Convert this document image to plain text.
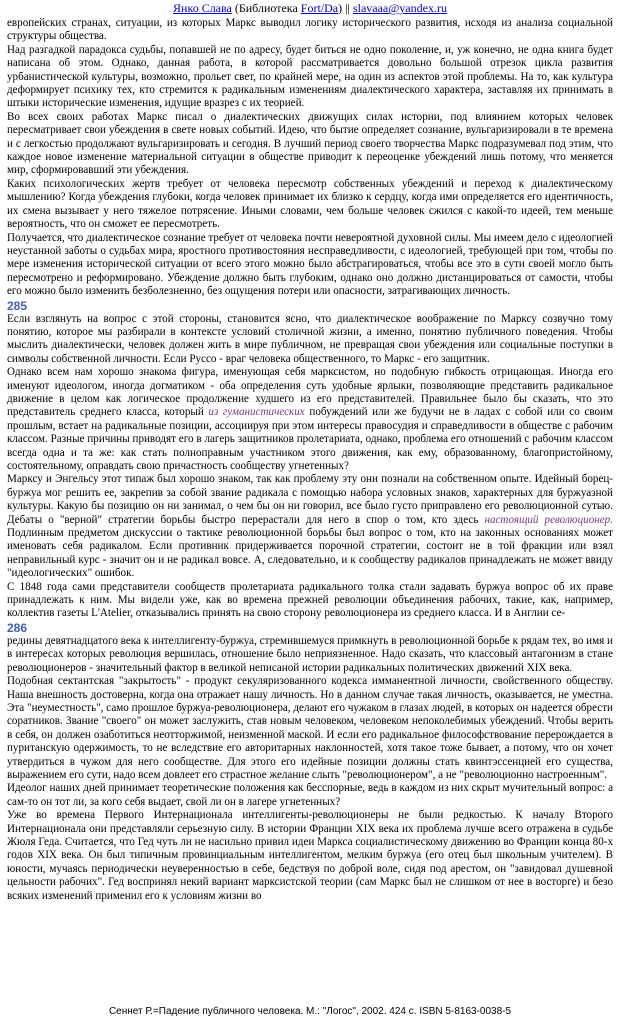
Янко Слава (Библиотека Fort/Da) || slavaaa@yandex.ru

европейских странах, ситуации, из которых Маркс выводил логику исторического развития, исходя из анализа социальной структуры общества.

Над разгадкой парадокса судьбы, попавшей не по адресу, будет биться не одно поколение, и, уж конечно, не одна книга будет написана об этом. Однако, данная работа, в которой рассматривается довольно большой отрезок цикла развития урбанистической культуры, возможно, прольет свет, по крайней мере, на один из аспектов этой проблемы. На то, как культура деформирует психику тех, кто стремится к радикальным изменениям диалектического характера, заставляя их принимать в штыки исторические изменения, идущие вразрез с их теорией.

Во всех своих работах Маркс писал о диалектических движущих силах истории, под влиянием которых человек пересматривает свои убеждения в свете новых событий. Идею, что бытие определяет сознание, вульгаризировали в те времена и с легкостью продолжают вульгаризировать и сегодня. В лучший период своего творчества Маркс подразумевал под этим, что каждое новое изменение материальной ситуации в обществе приводит к переоценке убеждений лишь потому, что меняется мир, сформировавший эти убеждения.

Каких психологических жертв требует от человека пересмотр собственных убеждений и переход к диалектическому мышлению? Когда убеждения глубоки, когда человек принимает их близко к сердцу, когда ими определяется его идентичность, их смена вызывает у него тяжелое потрясение. Иными словами, чем больше человек сжился с какой-то идеей, тем меньше вероятность, что он сможет ее пересмотреть.

Получается, что диалектическое сознание требует от человека почти невероятной духовной силы. Мы имеем дело с идеологией неустанной заботы о судьбах мира, яростного противостояния несправедливости, с идеологией, требующей при том, чтобы по мере изменения исторической ситуации от всего этого можно было абстрагироваться, чтобы все это в сути своей могло быть пересмотрено и реформировано. Убеждение должно быть глубоким, однако оно должно дистанцироваться от самости, чтобы его можно было изменить безболезненно, без ощущения потери или опасности, затрагивающих личность.

285

Если взглянуть на вопрос с этой стороны, становится ясно, что диалектическое воображение по Марксу созвучно тому понятию, которое мы разбирали в контексте условий столичной жизни, а именно, понятию публичного поведения. Чтобы мыслить диалектически, человек должен жить в мире публичном, не превращая свои убеждения или социальные поступки в символы собственной личности. Если Руссо - враг человека общественного, то Маркс - его защитник.

Однако всем нам хорошо знакома фигура, именующая себя марксистом, но подобную гибкость отрицающая. Иногда его именуют идеологом, иногда догматиком - оба определения суть удобные ярлыки, позволяющие представить радикальное движение в целом как логическое продолжение худшего из его представителей. Правильнее было бы сказать, что это представитель среднего класса, который из гуманистических побуждений или же будучи не в ладах с собой или со своим прошлым, встает на радикальные позиции, ассоциируя при этом интересы правосудия и справедливости в обществе с рабочим классом. Разные причины приводят его в лагерь защитников пролетариата, однако, проблема его отношений с рабочим классом всегда одна и та же: как стать полноправным участником этого движения, как ему, образованному, благопристойному, состоятельному, оправдать свою причастность сообществу угнетенных?

Марксу и Энгельсу этот типаж был хорошо знаком, так как проблему эту они познали на собственном опыте. Идейный борец-буржуа мог решить ее, закрепив за собой звание радикала с помощью набора условных знаков, характерных для буржуазной культуры. Какую бы позицию он ни занимал, о чем бы он ни говорил, все было густо приправлено его революционной сутью. Дебаты о "верной" стратегии борьбы быстро перерастали для него в спор о том, кто здесь настоящий революционер. Подлинным предметом дискуссии о тактике революционной борьбы был вопрос о том, кто на законных основаниях может именовать себя радикалом. Если противник придерживается порочной стратегии, состоит не в той фракции или взял неправильный курс - значит он и не радикал вовсе. А, следовательно, и к сообществу радикалов принадлежать не может ввиду "идеологических" ошибок.

С 1848 года сами представители сообществ пролетариата радикального толка стали задавать буржуа вопрос об их праве принадлежать к ним. Мы видели уже, как во времена прежней революции объединения рабочих, такие, как, например, коллектив газеты L'Atelier, отказывались принять на свою сторону революционера из среднего класса. И в Англии се-

286

редины девятнадцатого века к интеллигенту-буржуа, стремившемуся примкнуть в революционной борьбе к рядам тех, во имя и в интересах которых революция вершилась, отношение было неприязненное. Надо сказать, что классовый антагонизм в стане революционеров - значительный фактор в великой неписаной истории радикальных политических движений XIX века.

Подобная сектантская "закрытость" - продукт секуляризованного кодекса имманентной личности, свойственного обществу. Наша внешность достоверна, когда она отражает нашу личность. Но в данном случае такая личность, оказывается, не уместна. Эта "неуместность", само прошлое буржуа-революционера, делают его чужаком в глазах людей, в которых он надеется обрести соратников. Звание "своего" он может заслужить, став новым человеком, человеком непоколебимых убеждений. Чтобы верить в себя, он должен озаботиться неотторжимой, неизменной маской. И если его радикальное философствование перерождается в пуританскую одержимость, то не вследствие его авторитарных наклонностей, хотя такое тоже бывает, а потому, что он хочет утвердиться в чужом для него сообществе. Для этого его идейные позиции должны стать квинтэссенцией его существа, выражением его сути, надо всем довлеет его страстное желание слыть "революционером", а не "революционно настроенным".

Идеолог наших дней принимает теоретические положения как бесспорные, ведь в каждом из них скрыт мучительный вопрос: а сам-то он тот ли, за кого себя выдает, свой ли он в лагере угнетенных?

Уже во времена Первого Интернационала интеллигенты-революционеры не были редкостью. К началу Второго Интернационала они представляли серьезную силу. В истории Франции XIX века их проблема лучше всего отражена в судьбе Жюля Геда. Считается, что Гед чуть ли не насильно привил идеи Маркса социалистическому движению во Франции конца 80-х годов XIX века. Он был типичным провинциальным интеллигентом, мелким буржуа (его отец был школьным учителем). В юности, мучаясь периодически неуверенностью в себе, бедствуя по доброй воле, сидя под арестом, он "завидовал душевной цельности рабочих". Гед воспринял некий вариант марксистской теории (сам Маркс был не слишком от нее в восторге) и безо всяких изменений применил его к условиям жизни во

Сеннет Р.=Падение публичного человека. М.: "Логос", 2002. 424 с. ISBN 5-8163-0038-5
